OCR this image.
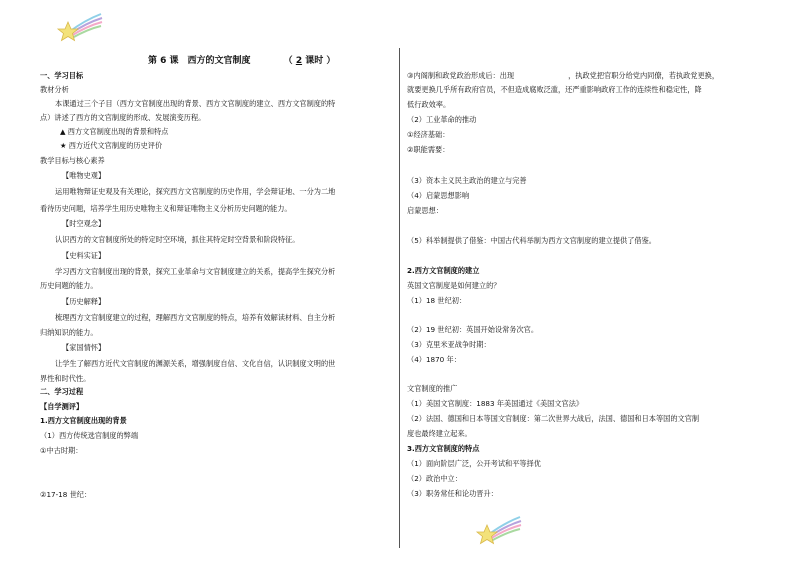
第 6 课　西方的文官制度	（ 2 课时 ）
一、学习目标
教材分析
本课通过三个子目（西方文官制度出现的背景、西方文官制度的建立、西方文官制度的特
点）讲述了西方的文官制度的形成、发展演变历程。
▲ 西方文官制度出现的背景和特点
★ 西方近代文官制度的历史评价
教学目标与核心素养
【唯物史观】
运用唯物辩证史观及有关理论，探究西方文官制度的历史作用，学会辩证地、一分为二地
看待历史问题，培养学生用历史唯物主义和辩证唯物主义分析历史问题的能力。
【时空观念】
认识西方的文官制度所处的特定时空环境，抓住其特定时空背景和阶段特征。
【史料实证】
学习西方文官制度出现的背景，探究工业革命与文官制度建立的关系，提高学生探究分析
历史问题的能力。
【历史解释】
梳理西方文官制度建立的过程，理解西方文官制度的特点，培养有效解读材料、自主分析
归纳知识的能力。
【家国情怀】
让学生了解西方近代文官制度的渊源关系，增强制度自信、文化自信，认识制度文明的世
界性和时代性。
二、学习过程
【自学测评】
1.西方文官制度出现的背景
（1）西方传统选官制度的弊端
①中古时期：
②17-18 世纪：
③内阁制和政党政治形成后：出现	，执政党把官职分给党内同僚，若执政党更换，
就要更换几乎所有政府官员，不但造成腐败泛滥，还严重影响政府工作的连续性和稳定性，降
低行政效率。
（2）工业革命的推动
①经济基础：
②职能需要：
（3）资本主义民主政治的建立与完善
（4）启蒙思想影响
启蒙思想：
（5）科举制提供了借鉴：中国古代科举制为西方文官制度的建立提供了借鉴。
2.西方文官制度的建立
英国文官制度是如何建立的？
（1）18 世纪初：
（2）19 世纪初：英国开始设常务次官。
（3）克里米亚战争时期：
（4）1870 年：
文官制度的推广
（1）美国文官制度：1883 年美国通过《美国文官法》
（2）法国、德国和日本等国文官制度：第二次世界大战后，法国、德国和日本等国的文官制
度也最终建立起来。
3.西方文官制度的特点
（1）面向阶层广泛，公开考试和平等择优
（2）政治中立：
（3）职务常任和论功晋升：
